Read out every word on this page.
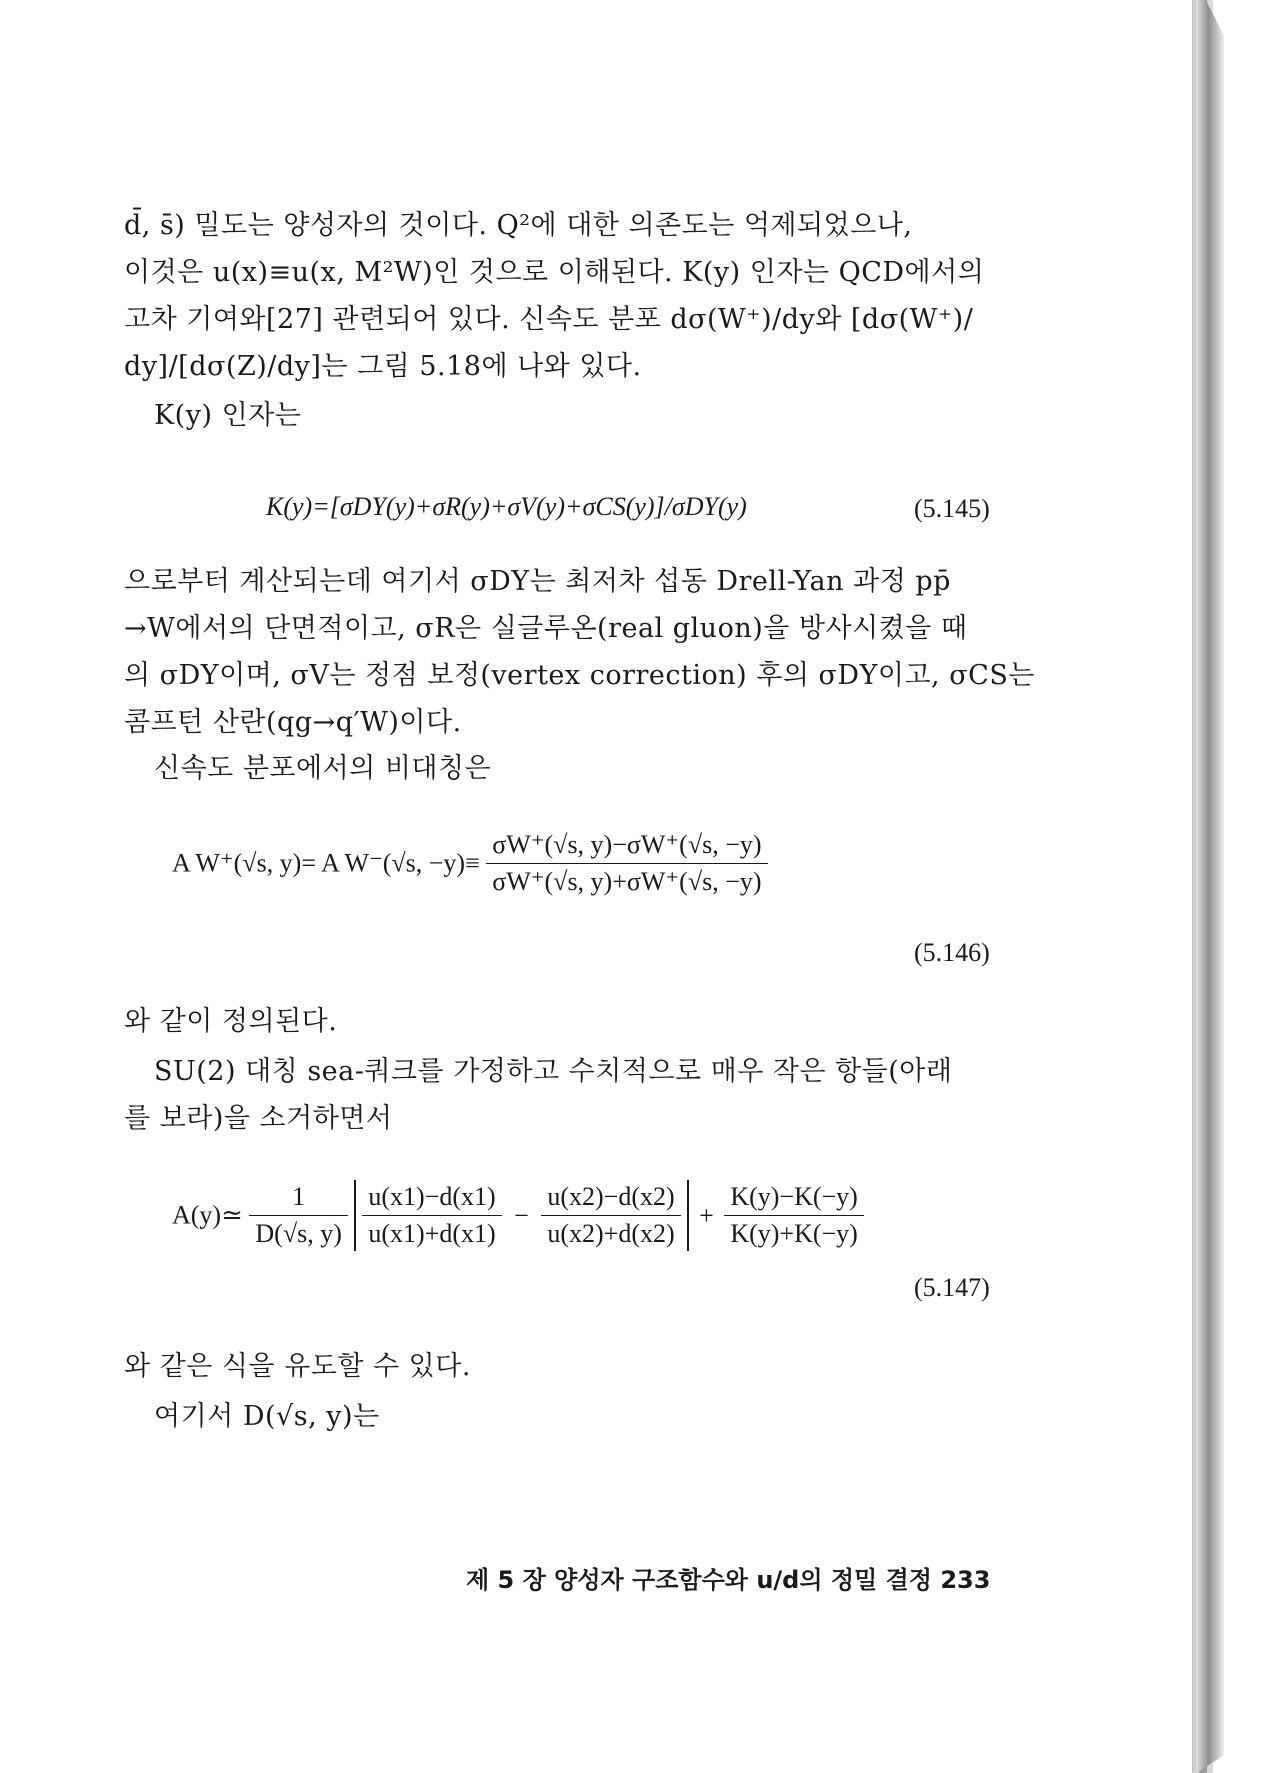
d̄, s̄) 밀도는 양성자의 것이다. Q²에 대한 의존도는 억제되었으나,
이것은 u(x)≡u(x, M²W)인 것으로 이해된다. K(y) 인자는 QCD에서의
고차 기여와[27] 관련되어 있다. 신속도 분포 dσ(W⁺)/dy와 [dσ(W⁺)/
dy]/[dσ(Z)/dy]는 그림 5.18에 나와 있다.
K(y) 인자는
K(y)=[σDY(y)+σR(y)+σV(y)+σCS(y)]/σDY(y)	(5.145)
으로부터 계산되는데 여기서 σDY는 최저차 섭동 Drell-Yan 과정 pp̄
→W에서의 단면적이고, σR은 실글루온(real gluon)을 방사시켰을 때
의 σDY이며, σV는 정점 보정(vertex correction) 후의 σDY이고, σCS는
콤프턴 산란(qg→q′W)이다.
신속도 분포에서의 비대칭은
A W⁺(√s, y)= A W⁻(√s, $-y)\equiv \frac{\sigma W^+(√s, y)-\sigma W^+(√s, -y)}{\sigma W^+(√s, y)+\sigma W^+(√s, -y)}$
(5.146)
와 같이 정의된다.
SU(2) 대칭 sea-쿼크를 가정하고 수치적으로 매우 작은 항들(아래
를 보라)을 소거하면서
A(y)≃ $\frac{1}{D(√s, y)}$
$\frac{u(x1)-d(x1)}{u(x1)+d(x1)} - \frac{u(x2)-d(x2)}{u(x2)+d(x2)} + \frac{K(y)-K(-y)}{K(y)+K(-y)}$
(5.147)
와 같은 식을 유도할 수 있다.
여기서 D(√s, y)는
제 5 장 양성자 구조함수와 u/d의 정밀 결정 233
